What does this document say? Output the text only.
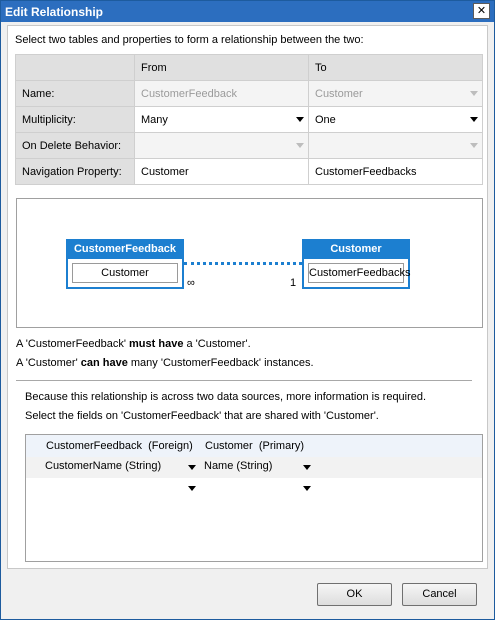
Edit Relationship	✕
Select two tables and properties to form a relationship between the two:
	From	To
Name:	CustomerFeedback	Customer

Multiplicity:	Many	One

On Delete Behavior:	

Navigation Property:	Customer	CustomerFeedbacks
CustomerFeedback
Customer
Customer
CustomerFeedbacks
∞	1
A 'CustomerFeedback' must have a 'Customer'.
A 'Customer' can have many 'CustomerFeedback' instances.
Because this relationship is across two data sources, more information is required.
Select the fields on 'CustomerFeedback' that are shared with 'Customer'.
CustomerFeedback (Foreign) Customer (Primary)
CustomerName (String)	Name (String)
OK	Cancel
